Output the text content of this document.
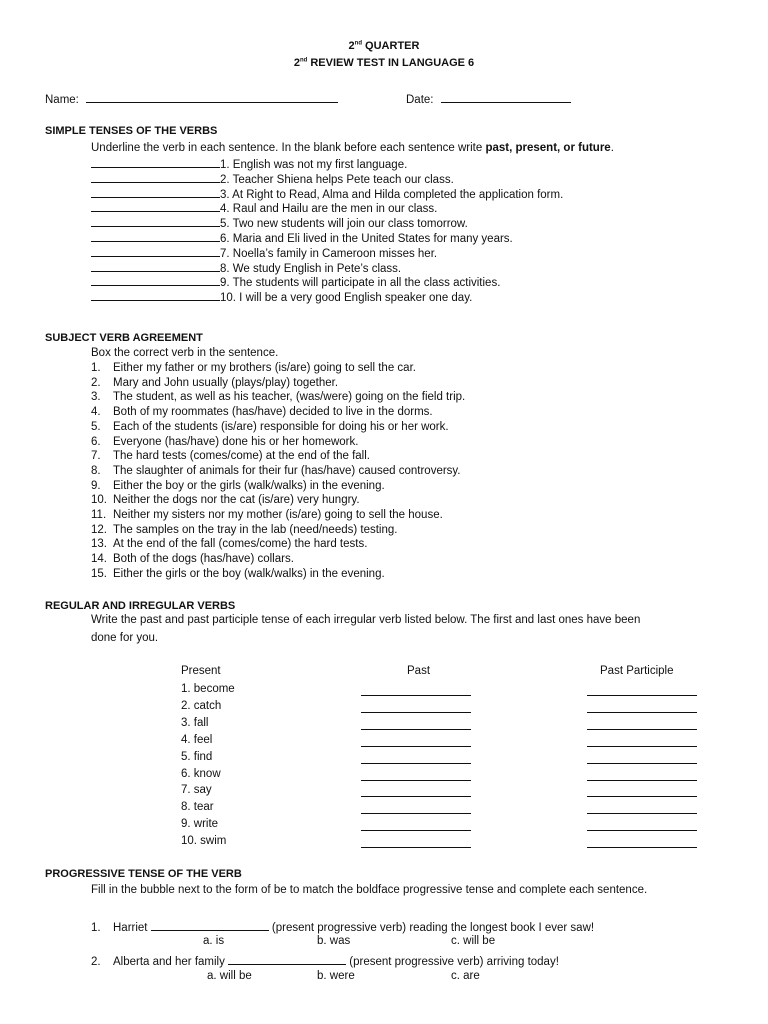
2nd QUARTER
2nd REVIEW TEST IN LANGUAGE 6
Name:	Date:
SIMPLE TENSES OF THE VERBS
Underline the verb in each sentence. In the blank before each sentence write past, present, or future.
1. English was not my first language.
2. Teacher Shiena helps Pete teach our class.
3. At Right to Read, Alma and Hilda completed the application form.
4. Raul and Hailu are the men in our class.
5. Two new students will join our class tomorrow.
6. Maria and Eli lived in the United States for many years.
7. Noella’s family in Cameroon misses her.
8. We study English in Pete’s class.
9. The students will participate in all the class activities.
10. I will be a very good English speaker one day.
SUBJECT VERB AGREEMENT
Box the correct verb in the sentence.
1. Either my father or my brothers (is/are) going to sell the car.
2. Mary and John usually (plays/play) together.
3. The student, as well as his teacher, (was/were) going on the field trip.
4. Both of my roommates (has/have) decided to live in the dorms.
5. Each of the students (is/are) responsible for doing his or her work.
6. Everyone (has/have) done his or her homework.
7. The hard tests (comes/come) at the end of the fall.
8. The slaughter of animals for their fur (has/have) caused controversy.
9. Either the boy or the girls (walk/walks) in the evening.
10. Neither the dogs nor the cat (is/are) very hungry.
11. Neither my sisters nor my mother (is/are) going to sell the house.
12. The samples on the tray in the lab (need/needs) testing.
13. At the end of the fall (comes/come) the hard tests.
14. Both of the dogs (has/have) collars.
15. Either the girls or the boy (walk/walks) in the evening.
REGULAR AND IRREGULAR VERBS
Write the past and past participle tense of each irregular verb listed below. The first and last ones have been
done for you.
Present	Past	Past Participle
1. become
2. catch
3. fall
4. feel
5. find
6. know
7. say
8. tear
9. write
10. swim
PROGRESSIVE TENSE OF THE VERB
Fill in the bubble next to the form of be to match the boldface progressive tense and complete each sentence.
1. Harriet	(present progressive verb) reading the longest book I ever saw!
a. is	b. was	c. will be
2. Alberta and her family	(present progressive verb) arriving today!
a. will be	b. were	c. are
